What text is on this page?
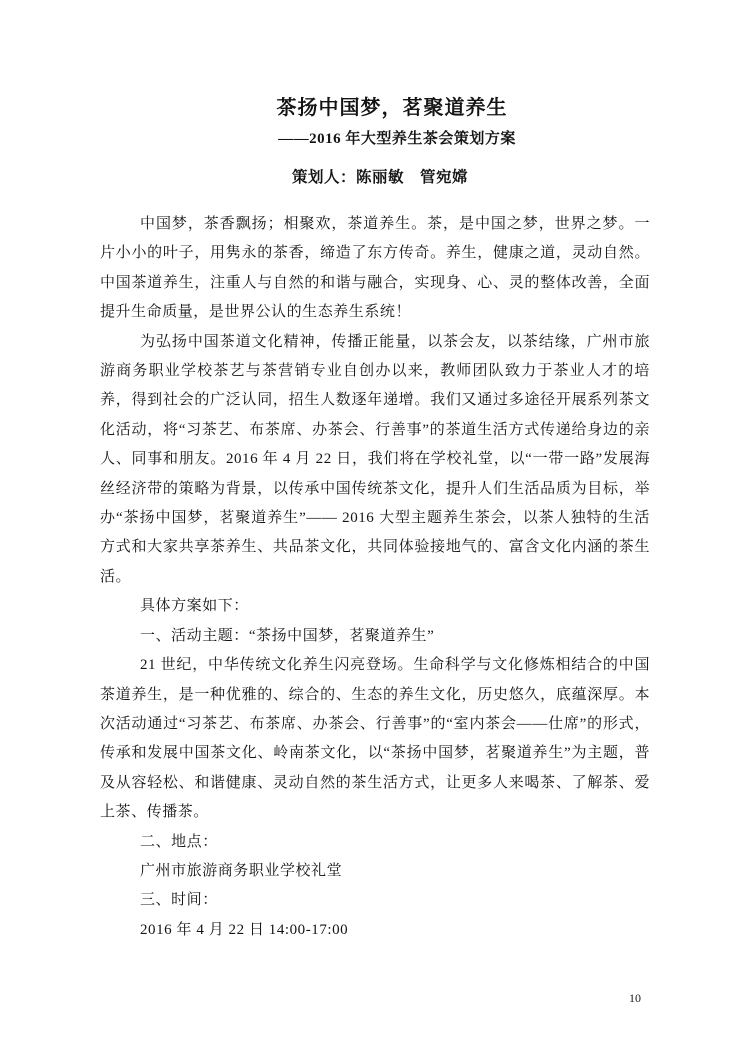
茶扬中国梦，茗聚道养生
——2016 年大型养生茶会策划方案
策划人：陈丽敏　管宛嫦

中国梦，茶香飘扬；相聚欢，茶道养生。茶，是中国之梦，世界之梦。一片小小的叶子，用隽永的茶香，缔造了东方传奇。养生，健康之道，灵动自然。中国茶道养生，注重人与自然的和谐与融合，实现身、心、灵的整体改善，全面提升生命质量，是世界公认的生态养生系统！

为弘扬中国茶道文化精神，传播正能量，以茶会友，以茶结缘，广州市旅游商务职业学校茶艺与茶营销专业自创办以来，教师团队致力于茶业人才的培养，得到社会的广泛认同，招生人数逐年递增。我们又通过多途径开展系列茶文化活动，将“习茶艺、布茶席、办茶会、行善事”的茶道生活方式传递给身边的亲人、同事和朋友。2016 年 4 月 22 日，我们将在学校礼堂，以“一带一路”发展海丝经济带的策略为背景，以传承中国传统茶文化，提升人们生活品质为目标，举办“茶扬中国梦，茗聚道养生”—— 2016 大型主题养生茶会，以茶人独特的生活方式和大家共享茶养生、共品茶文化，共同体验接地气的、富含文化内涵的茶生活。

具体方案如下：

一、活动主题：“茶扬中国梦，茗聚道养生”

21 世纪，中华传统文化养生闪亮登场。生命科学与文化修炼相结合的中国茶道养生，是一种优雅的、综合的、生态的养生文化，历史悠久，底蕴深厚。本次活动通过“习茶艺、布茶席、办茶会、行善事”的“室内茶会——仕席”的形式，传承和发展中国茶文化、岭南茶文化，以“茶扬中国梦，茗聚道养生”为主题，普及从容轻松、和谐健康、灵动自然的茶生活方式，让更多人来喝茶、了解茶、爱上茶、传播茶。

二、地点：

广州市旅游商务职业学校礼堂

三、时间：

2016 年 4 月 22 日 14:00-17:00

10
